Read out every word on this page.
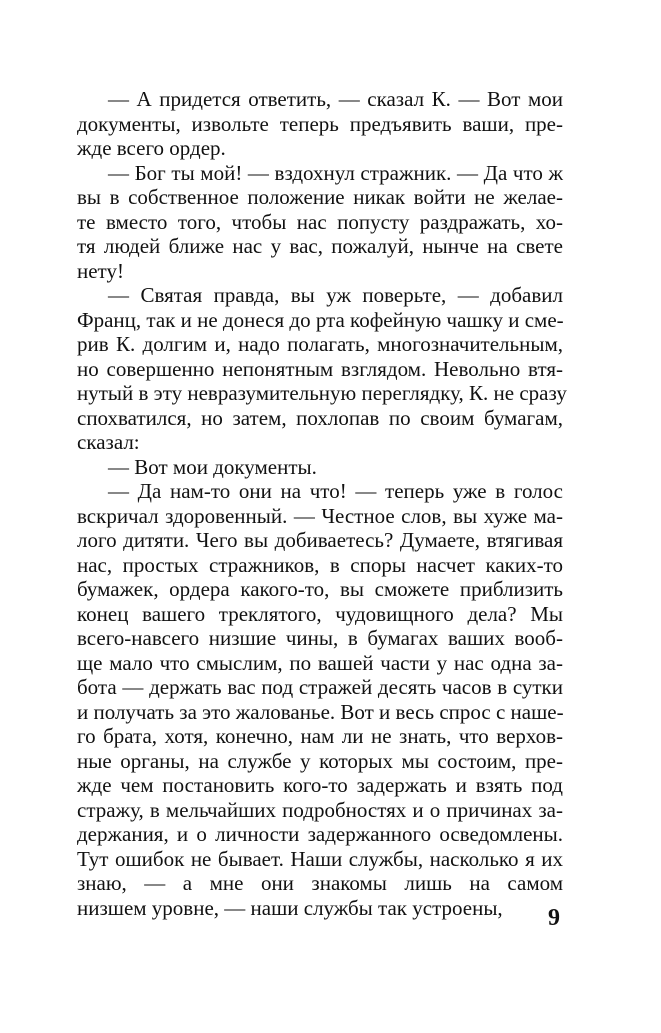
— А придется ответить, — сказал К. — Вот мои
документы, извольте теперь предъявить ваши, пре-
жде всего ордер.
— Бог ты мой! — вздохнул стражник. — Да что ж
вы в собственное положение никак войти не желае-
те вместо того, чтобы нас попусту раздражать, хо-
тя людей ближе нас у вас, пожалуй, нынче на свете
нету!
— Святая правда, вы уж поверьте, — добавил
Франц, так и не донеся до рта кофейную чашку и сме-
рив К. долгим и, надо полагать, многозначительным,
но совершенно непонятным взглядом. Невольно втя-
нутый в эту невразумительную переглядку, К. не сразу
спохватился, но затем, похлопав по своим бумагам,
сказал:
— Вот мои документы.
— Да нам-то они на что! — теперь уже в голос
вскричал здоровенный. — Честное слов, вы хуже ма-
лого дитяти. Чего вы добиваетесь? Думаете, втягивая
нас, простых стражников, в споры насчет каких-то
бумажек, ордера какого-то, вы сможете приблизить
конец вашего треклятого, чудовищного дела? Мы
всего-навсего низшие чины, в бумагах ваших вооб-
ще мало что смыслим, по вашей части у нас одна за-
бота — держать вас под стражей десять часов в сутки
и получать за это жалованье. Вот и весь спрос с наше-
го брата, хотя, конечно, нам ли не знать, что верхов-
ные органы, на службе у которых мы состоим, пре-
жде чем постановить кого-то задержать и взять под
стражу, в мельчайших подробностях и о причинах за-
держания, и о личности задержанного осведомлены.
Тут ошибок не бывает. Наши службы, насколько я их
знаю, — а мне они знакомы лишь на самом
низшем уровне, — наши службы так устроены,	9
